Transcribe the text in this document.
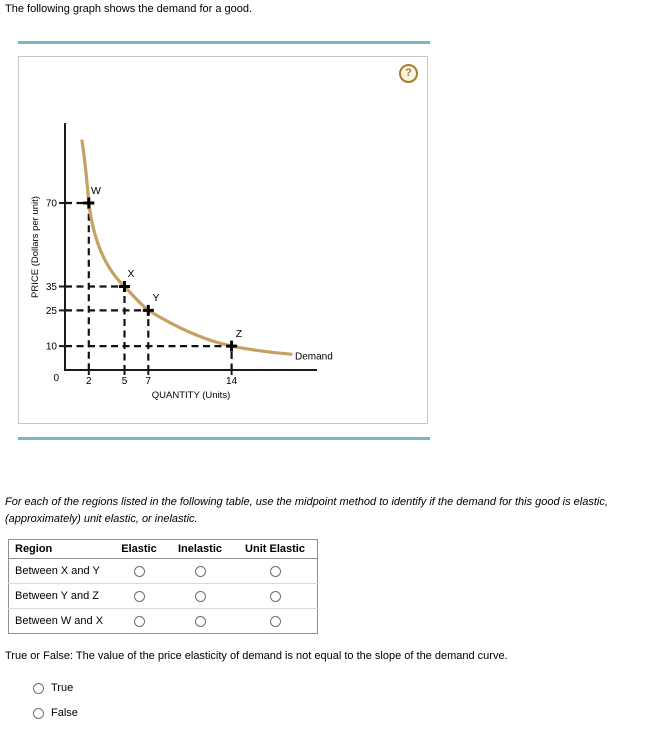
The following graph shows the demand for a good.
?
W
X
Y
Z
70
35
25
10
0	2	5 7	14
PRICE (Dollars per unit)
QUANTITY (Units)
Demand
For each of the regions listed in the following table, use the midpoint method to identify if the demand for this good is elastic, (approximately) unit elastic, or inelastic.
Region	Elastic	Inelastic	Unit Elastic
Between X and Y			
Between Y and Z			
Between W and X			
True or False: The value of the price elasticity of demand is not equal to the slope of the demand curve.
True
False
